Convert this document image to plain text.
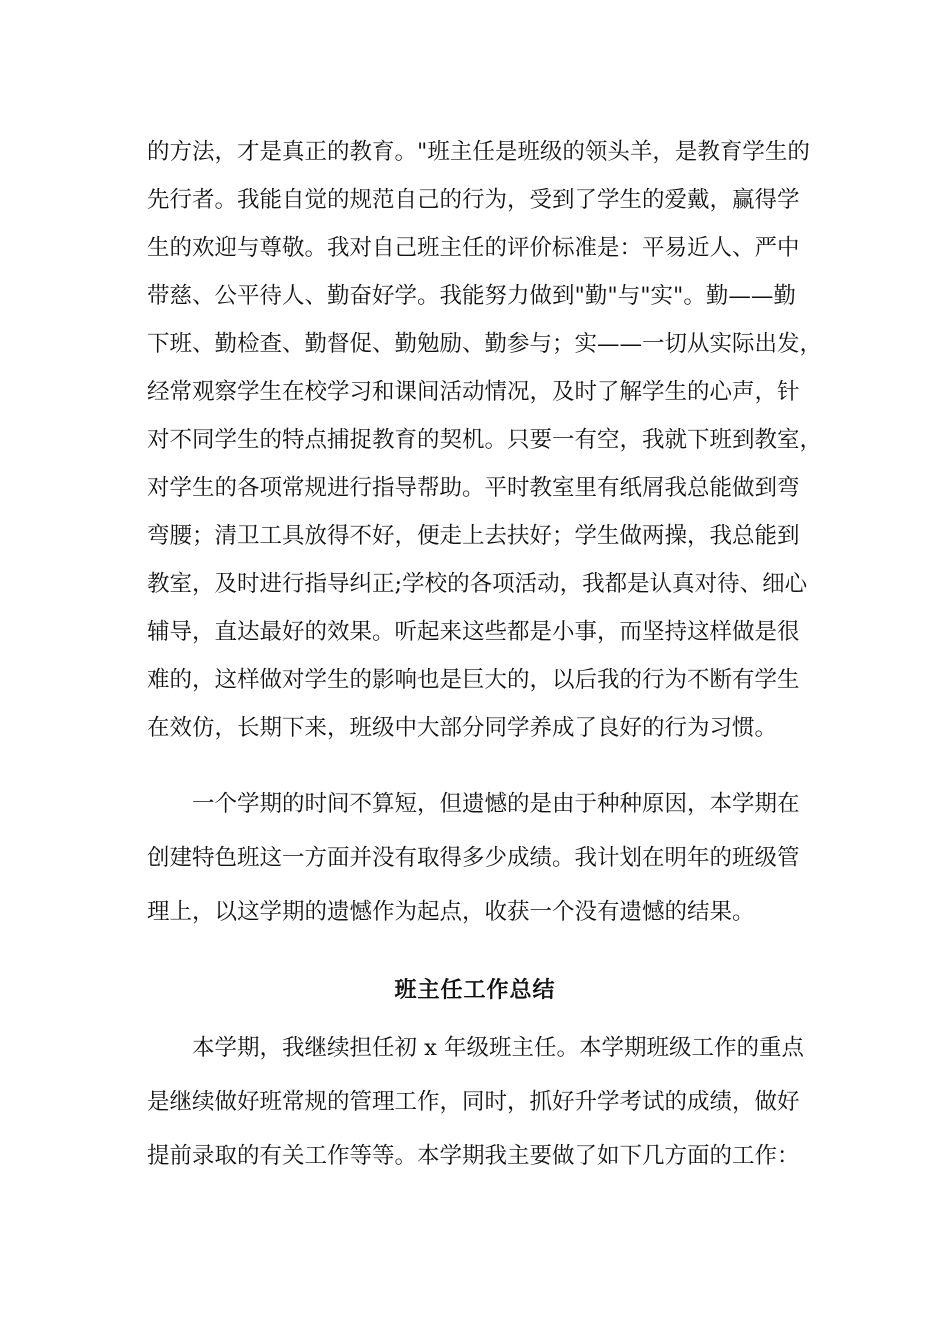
的方法，才是真正的教育。"班主任是班级的领头羊，是教育学生的
先行者。我能自觉的规范自己的行为，受到了学生的爱戴，赢得学
生的欢迎与尊敬。我对自己班主任的评价标准是：平易近人、严中
带慈、公平待人、勤奋好学。我能努力做到"勤"与"实"。勤——勤
下班、勤检查、勤督促、勤勉励、勤参与；实——一切从实际出发，
经常观察学生在校学习和课间活动情况，及时了解学生的心声，针
对不同学生的特点捕捉教育的契机。只要一有空，我就下班到教室，
对学生的各项常规进行指导帮助。平时教室里有纸屑我总能做到弯
弯腰；清卫工具放得不好，便走上去扶好；学生做两操，我总能到
教室，及时进行指导纠正;学校的各项活动，我都是认真对待、细心
辅导，直达最好的效果。听起来这些都是小事，而坚持这样做是很
难的，这样做对学生的影响也是巨大的，以后我的行为不断有学生
在效仿，长期下来，班级中大部分同学养成了良好的行为习惯。
一个学期的时间不算短，但遗憾的是由于种种原因，本学期在
创建特色班这一方面并没有取得多少成绩。我计划在明年的班级管
理上，以这学期的遗憾作为起点，收获一个没有遗憾的结果。
班主任工作总结
本学期，我继续担任初 x 年级班主任。本学期班级工作的重点
是继续做好班常规的管理工作，同时，抓好升学考试的成绩，做好
提前录取的有关工作等等。本学期我主要做了如下几方面的工作：
